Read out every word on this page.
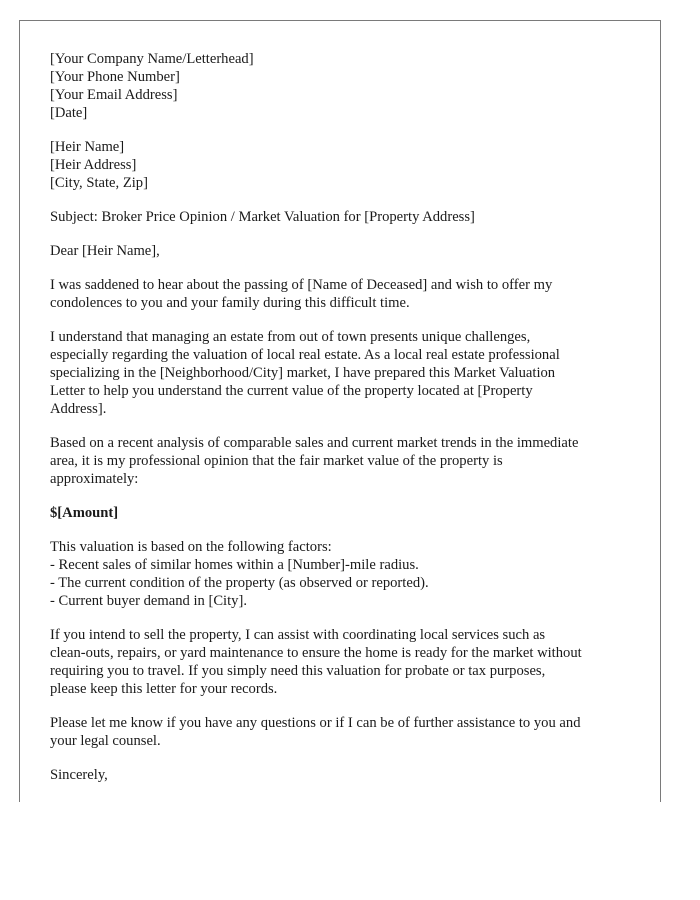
[Your Company Name/Letterhead]
[Your Phone Number]
[Your Email Address]
[Date]
[Heir Name]
[Heir Address]
[City, State, Zip]
Subject: Broker Price Opinion / Market Valuation for [Property Address]
Dear [Heir Name],
I was saddened to hear about the passing of [Name of Deceased] and wish to offer my
condolences to you and your family during this difficult time.
I understand that managing an estate from out of town presents unique challenges,
especially regarding the valuation of local real estate. As a local real estate professional
specializing in the [Neighborhood/City] market, I have prepared this Market Valuation
Letter to help you understand the current value of the property located at [Property
Address].
Based on a recent analysis of comparable sales and current market trends in the immediate
area, it is my professional opinion that the fair market value of the property is
approximately:
$[Amount]
This valuation is based on the following factors:
- Recent sales of similar homes within a [Number]-mile radius.
- The current condition of the property (as observed or reported).
- Current buyer demand in [City].
If you intend to sell the property, I can assist with coordinating local services such as
clean-outs, repairs, or yard maintenance to ensure the home is ready for the market without
requiring you to travel. If you simply need this valuation for probate or tax purposes,
please keep this letter for your records.
Please let me know if you have any questions or if I can be of further assistance to you and
your legal counsel.
Sincerely,
